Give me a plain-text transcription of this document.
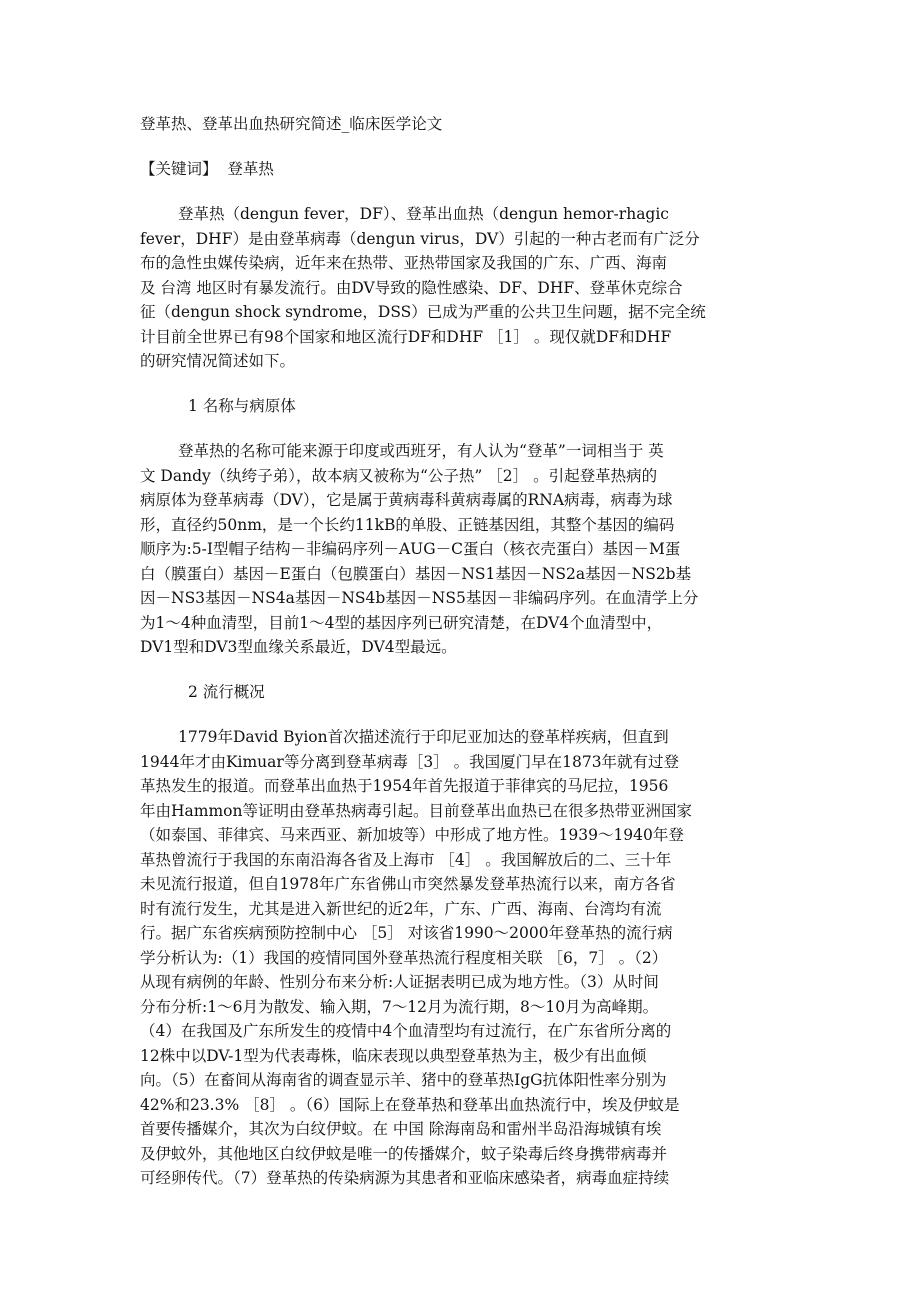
登革热、登革出血热研究简述_临床医学论文
【关键词】  登革热
登革热（dengun fever，DF）、登革出血热（dengun hemor-rhagic
fever，DHF）是由登革病毒（dengun virus，DV）引起的一种古老而有广泛分
布的急性虫媒传染病，近年来在热带、亚热带国家及我国的广东、广西、海南
及 台湾 地区时有暴发流行。由DV导致的隐性感染、DF、DHF、登革休克综合
征（dengun shock syndrome，DSS）已成为严重的公共卫生问题，据不完全统
计目前全世界已有98个国家和地区流行DF和DHF ［1］ 。现仅就DF和DHF
的研究情况简述如下。
1 名称与病原体
登革热的名称可能来源于印度或西班牙，有人认为“登革”一词相当于 英
文 Dandy（纨绔子弟），故本病又被称为“公子热” ［2］ 。引起登革热病的
病原体为登革病毒（DV），它是属于黄病毒科黄病毒属的RNA病毒，病毒为球
形，直径约50nm，是一个长约11kB的单股、正链基因组，其整个基因的编码
顺序为:5-I型帽子结构－非编码序列－AUG－C蛋白（核衣壳蛋白）基因－M蛋
白（膜蛋白）基因－E蛋白（包膜蛋白）基因－NS1基因－NS2a基因－NS2b基
因－NS3基因－NS4a基因－NS4b基因－NS5基因－非编码序列。在血清学上分
为1～4种血清型，目前1～4型的基因序列已研究清楚，在DV4个血清型中，
DV1型和DV3型血缘关系最近，DV4型最远。
2 流行概况
1779年David Byion首次描述流行于印尼亚加达的登革样疾病，但直到
1944年才由Kimuar等分离到登革病毒［3］ 。我国厦门早在1873年就有过登
革热发生的报道。而登革出血热于1954年首先报道于菲律宾的马尼拉，1956
年由Hammon等证明由登革热病毒引起。目前登革出血热已在很多热带亚洲国家
（如泰国、菲律宾、马来西亚、新加坡等）中形成了地方性。1939～1940年登
革热曾流行于我国的东南沿海各省及上海市 ［4］ 。我国解放后的二、三十年
未见流行报道，但自1978年广东省佛山市突然暴发登革热流行以来，南方各省
时有流行发生，尤其是进入新世纪的近2年，广东、广西、海南、台湾均有流
行。据广东省疾病预防控制中心 ［5］ 对该省1990～2000年登革热的流行病
学分析认为:（1）我国的疫情同国外登革热流行程度相关联 ［6，7］ 。（2）
从现有病例的年龄、性别分布来分析:人证据表明已成为地方性。（3）从时间
分布分析:1～6月为散发、输入期，7～12月为流行期，8～10月为高峰期。
（4）在我国及广东所发生的疫情中4个血清型均有过流行，在广东省所分离的
12株中以DV-1型为代表毒株，临床表现以典型登革热为主，极少有出血倾
向。（5）在畜间从海南省的调查显示羊、猪中的登革热IgG抗体阳性率分别为
42%和23.3% ［8］ 。（6）国际上在登革热和登革出血热流行中，埃及伊蚊是
首要传播媒介，其次为白纹伊蚊。在 中国 除海南岛和雷州半岛沿海城镇有埃
及伊蚊外，其他地区白纹伊蚊是唯一的传播媒介，蚊子染毒后终身携带病毒并
可经卵传代。（7）登革热的传染病源为其患者和亚临床感染者，病毒血症持续
